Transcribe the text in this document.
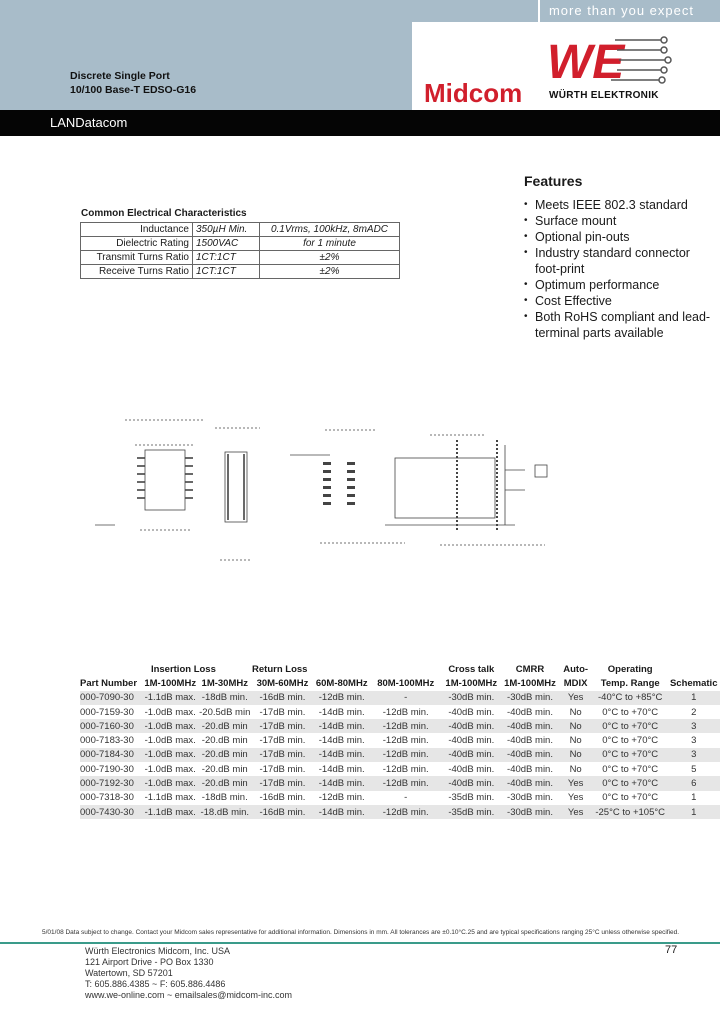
more than you expect
Discrete Single Port
10/100 Base-T EDSO-G16	Midcom
WE
WÜRTH ELEKTRONIK
LANDatacom
Features
• Meets IEEE 802.3 standard
• Surface mount
• Optional pin-outs
• Industry standard connector foot-print
• Optimum performance
• Cost Effective
• Both RoHS compliant and lead-terminal parts available
Common Electrical Characteristics
Inductance	350µH Min.	0.1Vrms, 100kHz, 8mADC
Dielectric Rating	1500VAC	for 1 minute
Transmit Turns Ratio	1CT:1CT	±2%
Receive Turns Ratio	1CT:1CT	±2%
	Insertion Loss		Return Loss			Cross talk	CMRR	Auto-	Operating	
Part Number	1M-100MHz	1M-30MHz	30M-60MHz	60M-80MHz	80M-100MHz	1M-100MHz	1M-100MHz	MDIX	Temp. Range	Schematic
000-7090-30	-1.1dB max.	-18dB min.	-16dB min.	-12dB min.	-	-30dB min.	-30dB min.	Yes	-40°C to +85°C	1
000-7159-30	-1.0dB max.	-20.5dB min	-17dB min.	-14dB min.	-12dB min.	-40dB min.	-40dB min.	No	0°C to +70°C	2
000-7160-30	-1.0dB max.	-20.dB min	-17dB min.	-14dB min.	-12dB min.	-40dB min.	-40dB min.	No	0°C to +70°C	3
000-7183-30	-1.0dB max.	-20.dB min	-17dB min.	-14dB min.	-12dB min.	-40dB min.	-40dB min.	No	0°C to +70°C	3
000-7184-30	-1.0dB max.	-20.dB min	-17dB min.	-14dB min.	-12dB min.	-40dB min.	-40dB min.	No	0°C to +70°C	3
000-7190-30	-1.0dB max.	-20.dB min	-17dB min.	-14dB min.	-12dB min.	-40dB min.	-40dB min.	No	0°C to +70°C	5
000-7192-30	-1.0dB max.	-20.dB min	-17dB min.	-14dB min.	-12dB min.	-40dB min.	-40dB min.	Yes	0°C to +70°C	6
000-7318-30	-1.1dB max.	-18dB min.	-16dB min.	-12dB min.	-	-35dB min.	-30dB min.	Yes	0°C to +70°C	1
000-7430-30	-1.1dB max.	-18.dB min.	-16dB min.	-14dB min.	-12dB min.	-35dB min.	-30dB min.	Yes	-25°C to +105°C	1
5/01/08 Data subject to change. Contact your Midcom sales representative for additional information. Dimensions in mm. All tolerances are ±0.10°C.25 and are typical specifications ranging 25°C unless otherwise specified.
Würth Electronics Midcom, Inc. USA
121 Airport Drive - PO Box 1330
Watertown, SD 57201
T: 605.886.4385 ~ F: 605.886.4486
www.we-online.com ~ emailsales@midcom-inc.com
77
